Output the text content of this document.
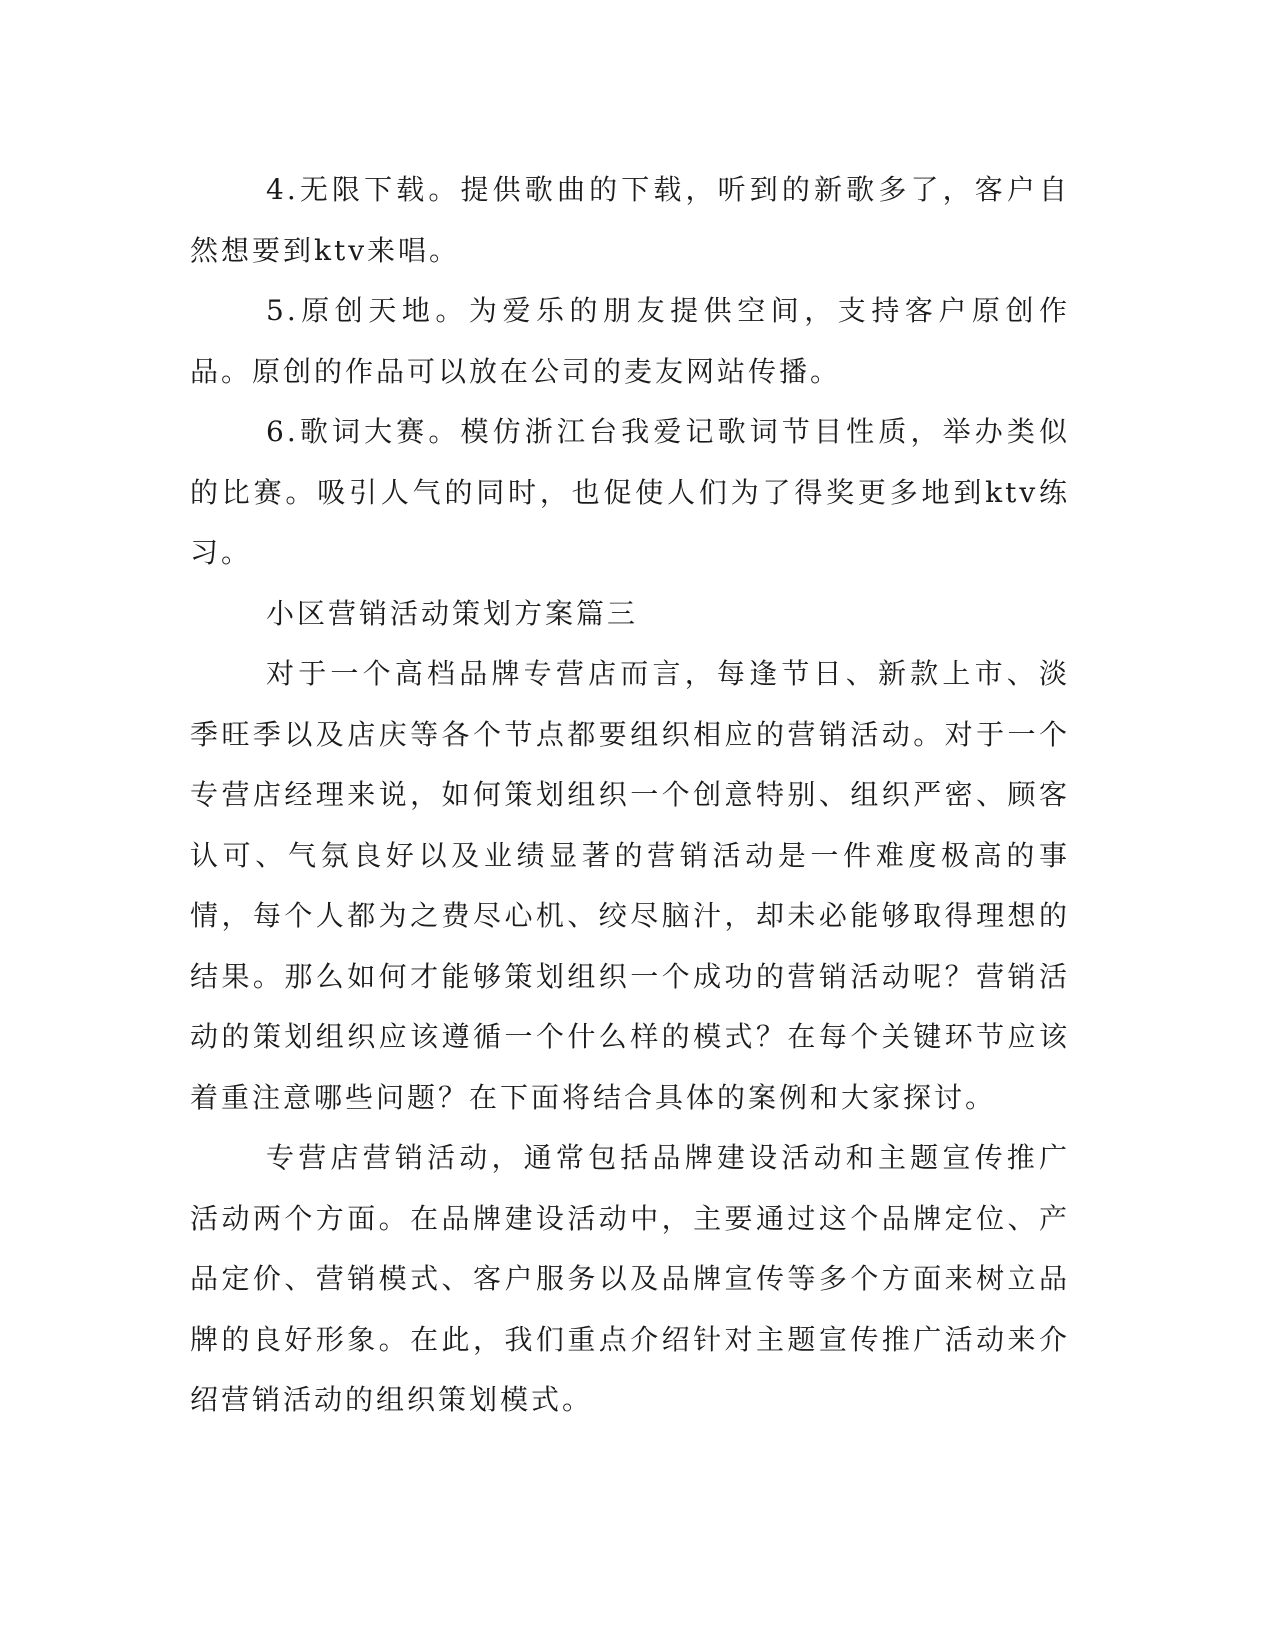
4.无限下载。提供歌曲的下载，听到的新歌多了，客户自然想要到ktv来唱。

5.原创天地。为爱乐的朋友提供空间，支持客户原创作品。原创的作品可以放在公司的麦友网站传播。

6.歌词大赛。模仿浙江台我爱记歌词节目性质，举办类似的比赛。吸引人气的同时，也促使人们为了得奖更多地到ktv练习。

小区营销活动策划方案篇三

对于一个高档品牌专营店而言，每逢节日、新款上市、淡季旺季以及店庆等各个节点都要组织相应的营销活动。对于一个专营店经理来说，如何策划组织一个创意特别、组织严密、顾客认可、气氛良好以及业绩显著的营销活动是一件难度极高的事情，每个人都为之费尽心机、绞尽脑汁，却未必能够取得理想的结果。那么如何才能够策划组织一个成功的营销活动呢？营销活动的策划组织应该遵循一个什么样的模式？在每个关键环节应该着重注意哪些问题？在下面将结合具体的案例和大家探讨。

专营店营销活动，通常包括品牌建设活动和主题宣传推广活动两个方面。在品牌建设活动中，主要通过这个品牌定位、产品定价、营销模式、客户服务以及品牌宣传等多个方面来树立品牌的良好形象。在此，我们重点介绍针对主题宣传推广活动来介绍营销活动的组织策划模式。
